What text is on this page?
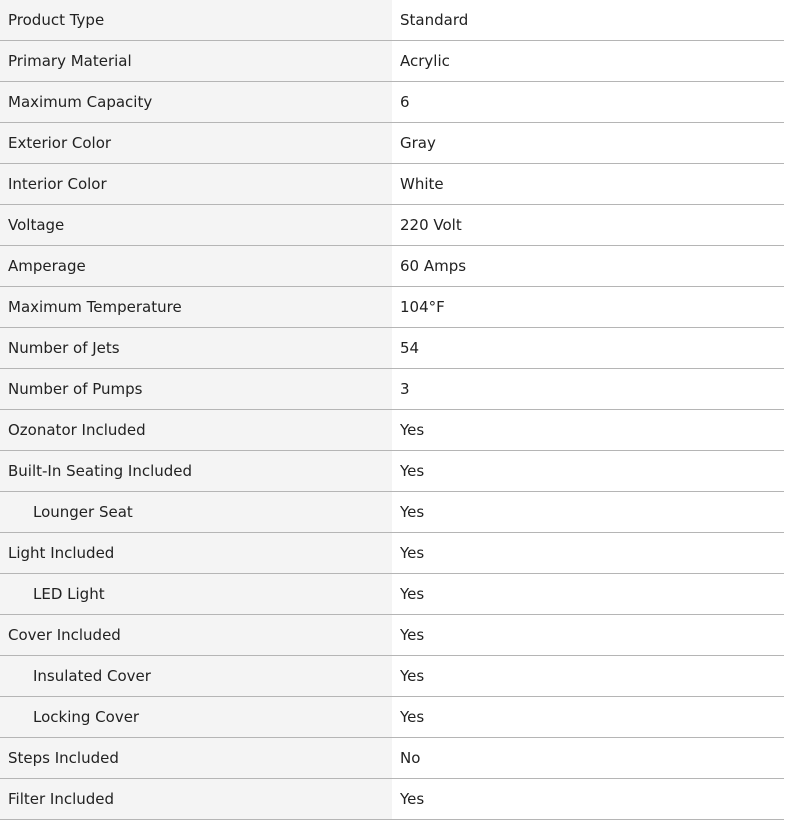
Product Type	Standard
Primary Material	Acrylic
Maximum Capacity	6
Exterior Color	Gray
Interior Color	White
Voltage	220 Volt
Amperage	60 Amps
Maximum Temperature	104°F
Number of Jets	54
Number of Pumps	3
Ozonator Included	Yes
Built-In Seating Included	Yes
Lounger Seat	Yes
Light Included	Yes
LED Light	Yes
Cover Included	Yes
Insulated Cover	Yes
Locking Cover	Yes
Steps Included	No
Filter Included	Yes
